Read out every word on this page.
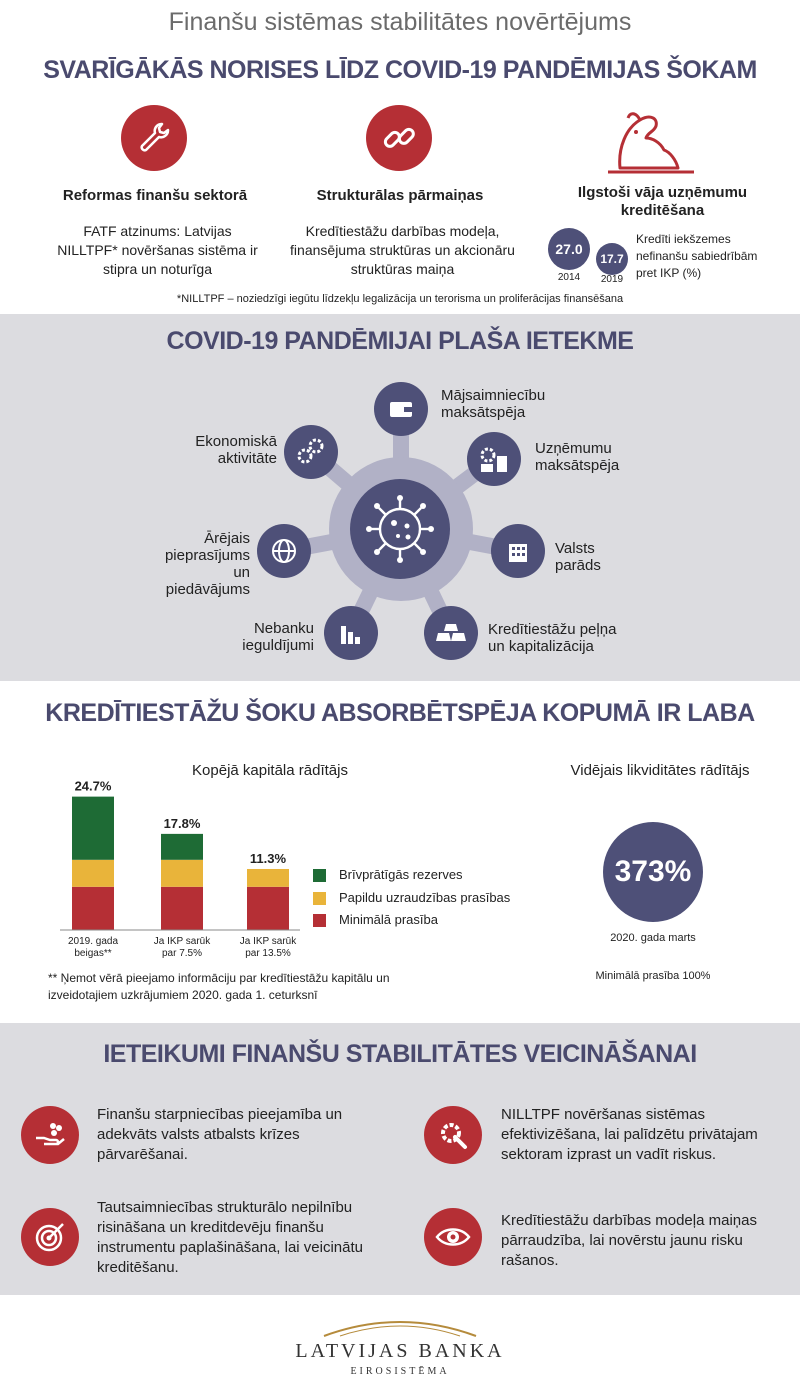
Finanšu sistēmas stabilitātes novērtējums
SVARĪGĀKĀS NORISES LĪDZ COVID-19 PANDĒMIJAS ŠOKAM
Reformas finanšu sektorā	Strukturālas pārmaiņas	Ilgstoši vāja uzņēmumu kreditēšana
FATF atzinums: Latvijas NILLTPF* novēršanas sistēma ir stipra un noturīga
Kredītiestāžu darbības modeļa, finansējuma struktūras un akcionāru struktūras maiņa
27.0
2014
17.7
2019
Kredīti iekšzemes nefinanšu sabiedrībām pret IKP (%)
*NILLTPF – noziedzīgi iegūtu līdzekļu legalizācija un terorisma un proliferācijas finansēšana
COVID-19 PANDĒMIJAI PLAŠA IETEKME
Mājsaimniecību maksātspēja
Uzņēmumu maksātspēja
Valsts parāds
Kredītiestāžu peļņa un kapitalizācija
Nebanku ieguldījumi
Ārējais pieprasījums un piedāvājums
Ekonomiskā aktivitāte
KREDĪTIESTĀŽU ŠOKU ABSORBĒTSPĒJA KOPUMĀ IR LABA
Kopējā kapitāla rādītājs	Vidējais likviditātes rādītājs
24.7%
2019. gada
beigas**
17.8%
Ja IKP sarūk
par 7.5%
11.3%
Ja IKP sarūk
par 13.5%
Brīvprātīgās rezerves
Papildu uzraudzības prasības
Minimālā prasība
373%
2020. gada marts
Minimālā prasība 100%
** Ņemot vērā pieejamo informāciju par kredītiestāžu kapitālu un izveidotajiem uzkrājumiem 2020. gada 1. ceturksnī
IETEIKUMI FINANŠU STABILITĀTES VEICINĀŠANAI
Finanšu starpniecības pieejamība un adekvāts valsts atbalsts krīzes pārvarēšanai.
NILLTPF novēršanas sistēmas efektivizēšana, lai palīdzētu privātajam sektoram izprast un vadīt riskus.
Tautsaimniecības strukturālo nepilnību risināšana un kreditdevēju finanšu instrumentu paplašināšana, lai veicinātu kreditēšanu.
Kredītiestāžu darbības modeļa maiņas pārraudzība, lai novērstu jaunu risku rašanos.
LATVIJAS BANKA
EIROSISTĒMA
